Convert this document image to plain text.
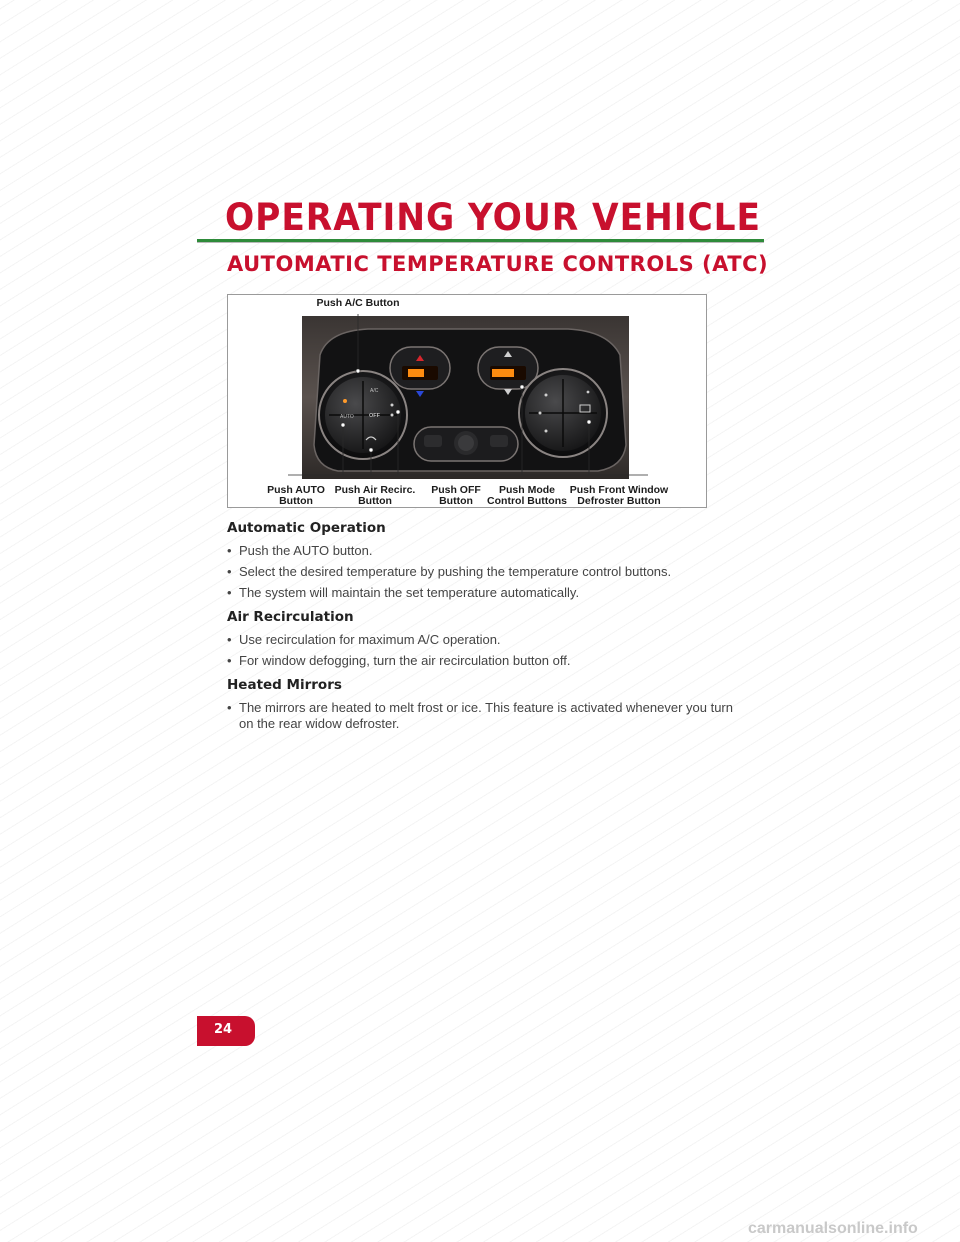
OPERATING YOUR VEHICLE
AUTOMATIC TEMPERATURE CONTROLS (ATC)
A/C
AUTO	OFF
Push A/C Button
Push AUTO
Button
Push Air Recirc.
Button
Push OFF
Button
Push Mode
Control Buttons
Push Front Window
Defroster Button
Automatic Operation
• Push the AUTO button.
• Select the desired temperature by pushing the temperature control buttons.
• The system will maintain the set temperature automatically.
Air Recirculation
• Use recirculation for maximum A/C operation.
• For window defogging, turn the air recirculation button off.
Heated Mirrors
• The mirrors are heated to melt frost or ice. This feature is activated whenever you turn on the rear widow defroster.
24
carmanualsonline.info
